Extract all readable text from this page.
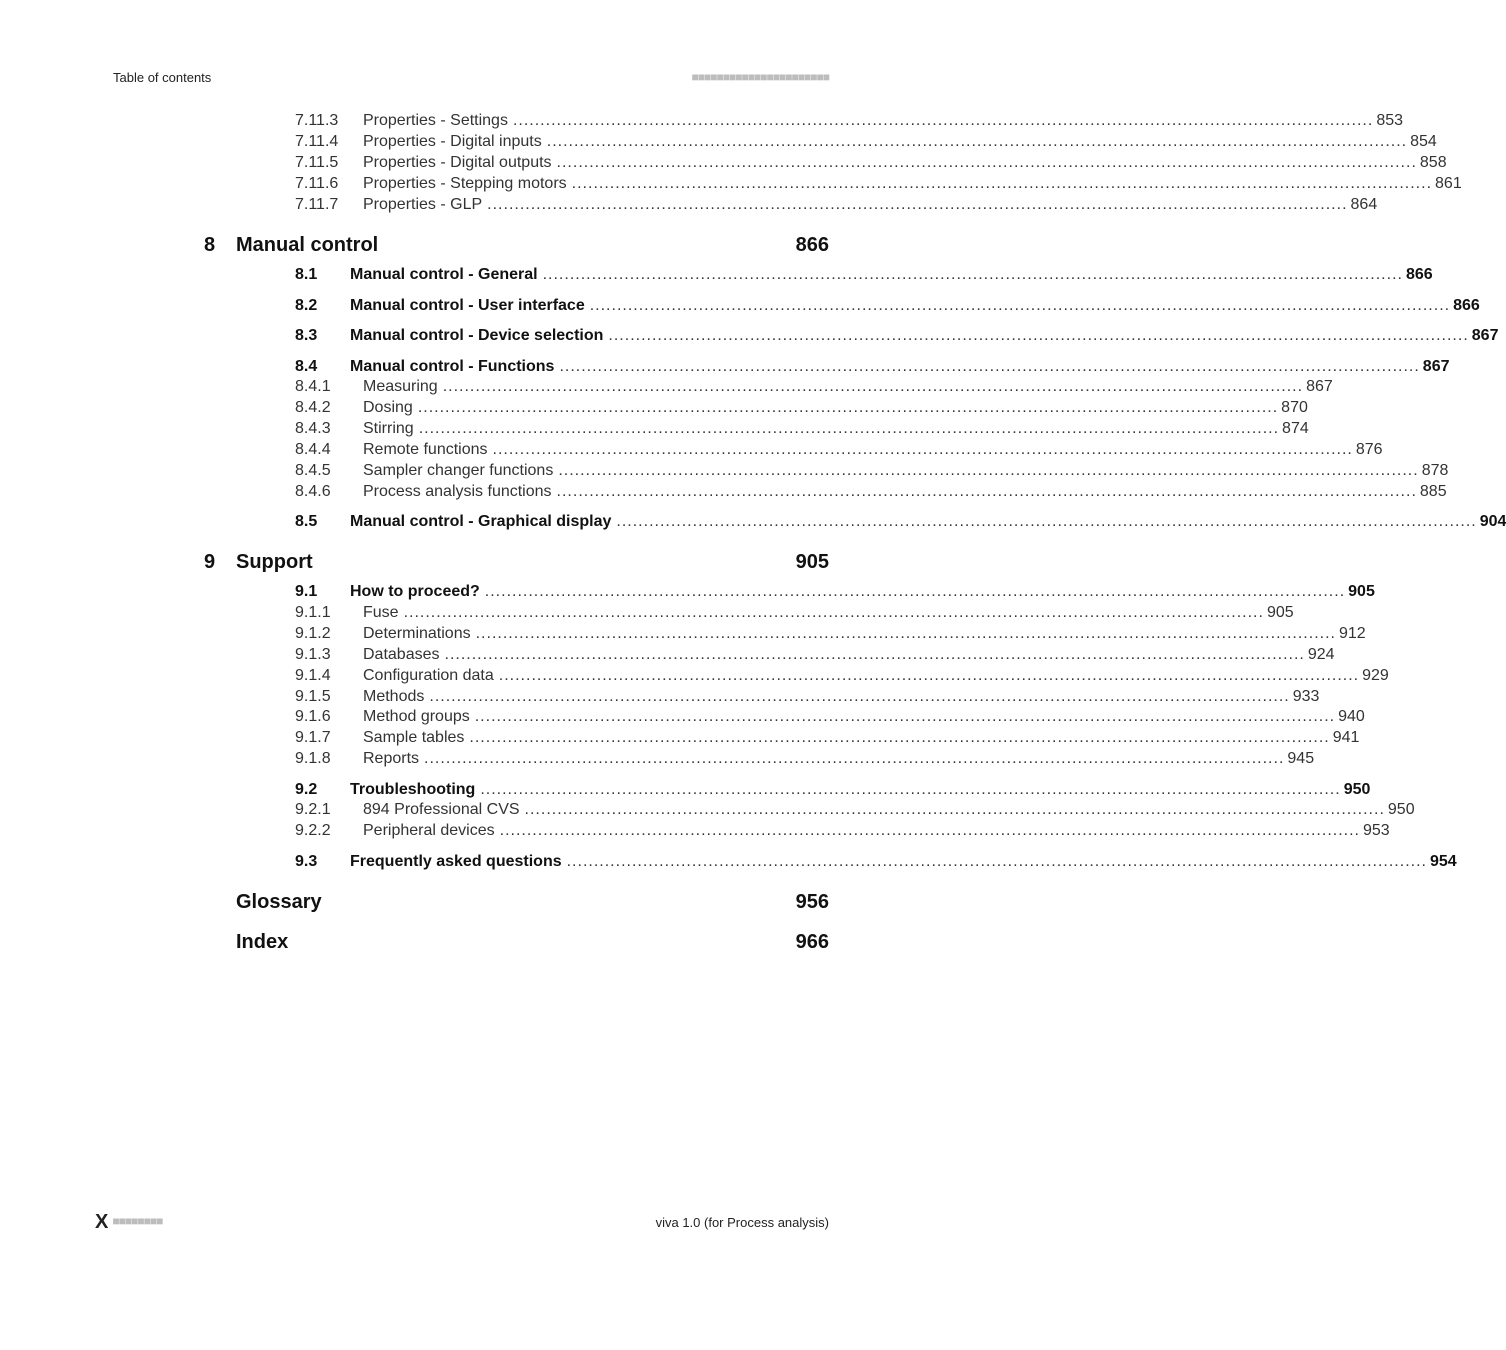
Table of contents	■■■■■■■■■■■■■■■■■■■■■■
7.11.3	Properties - Settings .............................................................................................................................................................. 853
7.11.4	Properties - Digital inputs .............................................................................................................................................................. 854
7.11.5	Properties - Digital outputs .............................................................................................................................................................. 858
7.11.6	Properties - Stepping motors .............................................................................................................................................................. 861
7.11.7	Properties - GLP .............................................................................................................................................................. 864
8	Manual control	866
8.1	Manual control - General .............................................................................................................................................................. 866
8.2	Manual control - User interface .............................................................................................................................................................. 866
8.3	Manual control - Device selection .............................................................................................................................................................. 867
8.4	Manual control - Functions .............................................................................................................................................................. 867
8.4.1	Measuring .............................................................................................................................................................. 867
8.4.2	Dosing .............................................................................................................................................................. 870
8.4.3	Stirring .............................................................................................................................................................. 874
8.4.4	Remote functions .............................................................................................................................................................. 876
8.4.5	Sampler changer functions .............................................................................................................................................................. 878
8.4.6	Process analysis functions .............................................................................................................................................................. 885
8.5	Manual control - Graphical display .............................................................................................................................................................. 904
9	Support	905
9.1	How to proceed? .............................................................................................................................................................. 905
9.1.1	Fuse .............................................................................................................................................................. 905
9.1.2	Determinations .............................................................................................................................................................. 912
9.1.3	Databases .............................................................................................................................................................. 924
9.1.4	Configuration data .............................................................................................................................................................. 929
9.1.5	Methods .............................................................................................................................................................. 933
9.1.6	Method groups .............................................................................................................................................................. 940
9.1.7	Sample tables .............................................................................................................................................................. 941
9.1.8	Reports .............................................................................................................................................................. 945
9.2	Troubleshooting .............................................................................................................................................................. 950
9.2.1	894 Professional CVS .............................................................................................................................................................. 950
9.2.2	Peripheral devices .............................................................................................................................................................. 953
9.3	Frequently asked questions .............................................................................................................................................................. 954
Glossary	956
Index	966
X ■■■■■■■■	viva 1.0 (for Process analysis)
